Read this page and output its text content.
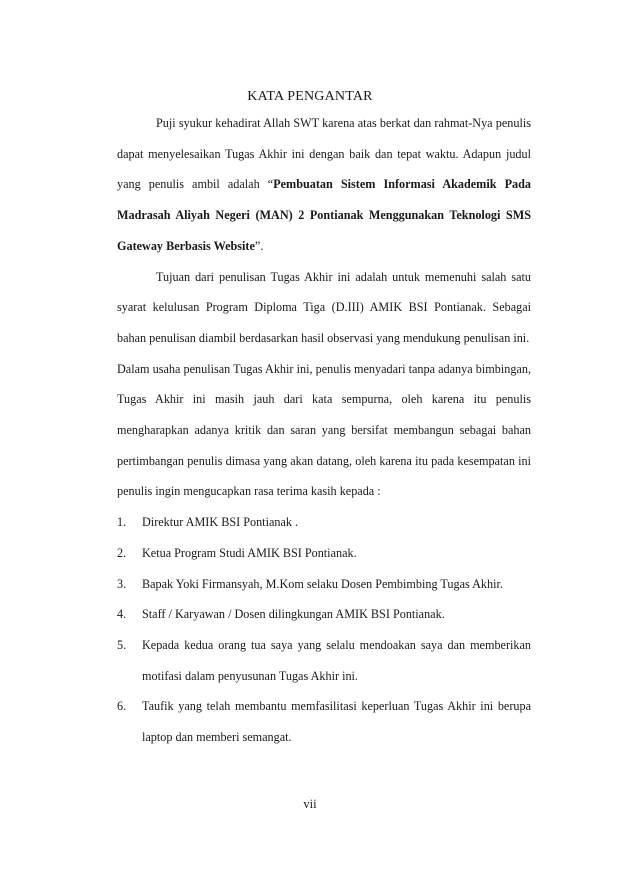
KATA PENGANTAR

Puji syukur kehadirat Allah SWT karena atas berkat dan rahmat-Nya penulis dapat menyelesaikan Tugas Akhir ini dengan baik dan tepat waktu. Adapun judul yang penulis ambil adalah “Pembuatan Sistem Informasi Akademik Pada Madrasah Aliyah Negeri (MAN) 2 Pontianak Menggunakan Teknologi SMS Gateway Berbasis Website”.

Tujuan dari penulisan Tugas Akhir ini adalah untuk memenuhi salah satu syarat kelulusan Program Diploma Tiga (D.III) AMIK BSI Pontianak. Sebagai bahan penulisan diambil berdasarkan hasil observasi yang mendukung penulisan ini.

Dalam usaha penulisan Tugas Akhir ini, penulis menyadari tanpa adanya bimbingan, Tugas Akhir ini masih jauh dari kata sempurna, oleh karena itu penulis mengharapkan adanya kritik dan saran yang bersifat membangun sebagai bahan pertimbangan penulis dimasa yang akan datang, oleh karena itu pada kesempatan ini penulis ingin mengucapkan rasa terima kasih kepada :

1. Direktur AMIK BSI Pontianak .
2. Ketua Program Studi AMIK BSI Pontianak.
3. Bapak Yoki Firmansyah, M.Kom selaku Dosen Pembimbing Tugas Akhir.
4. Staff / Karyawan / Dosen dilingkungan AMIK BSI Pontianak.
5. Kepada kedua orang tua saya yang selalu mendoakan saya dan memberikan motifasi dalam penyusunan Tugas Akhir ini.
6. Taufik yang telah membantu memfasilitasi keperluan Tugas Akhir ini berupa laptop dan memberi semangat.
vii
